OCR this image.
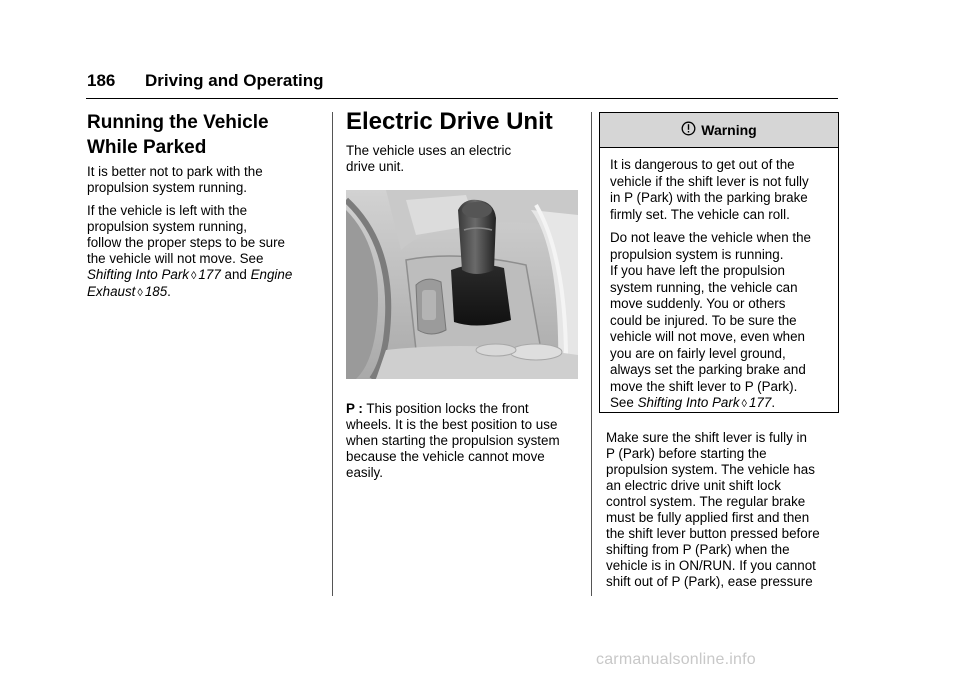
186 Driving and Operating
Running the Vehicle
While Parked

It is better not to park with the propulsion system running.

If the vehicle is left with the
propulsion system running,
follow the proper steps to be sure
the vehicle will not move. See
Shifting Into Park ◊ 177 and Engine
Exhaust ◊ 185.

Electric Drive Unit

The vehicle uses an electric
drive unit.

P : This position locks the front
wheels. It is the best position to use
when starting the propulsion system
because the vehicle cannot move
easily.

Warning

It is dangerous to get out of the
vehicle if the shift lever is not fully
in P (Park) with the parking brake
firmly set. The vehicle can roll.

Do not leave the vehicle when the
propulsion system is running.
If you have left the propulsion
system running, the vehicle can
move suddenly. You or others
could be injured. To be sure the
vehicle will not move, even when
you are on fairly level ground,
always set the parking brake and
move the shift lever to P (Park).
See Shifting Into Park ◊ 177.

Make sure the shift lever is fully in
P (Park) before starting the
propulsion system. The vehicle has
an electric drive unit shift lock
control system. The regular brake
must be fully applied first and then
the shift lever button pressed before
shifting from P (Park) when the
vehicle is in ON/RUN. If you cannot
shift out of P (Park), ease pressure

carmanualsonline.info
